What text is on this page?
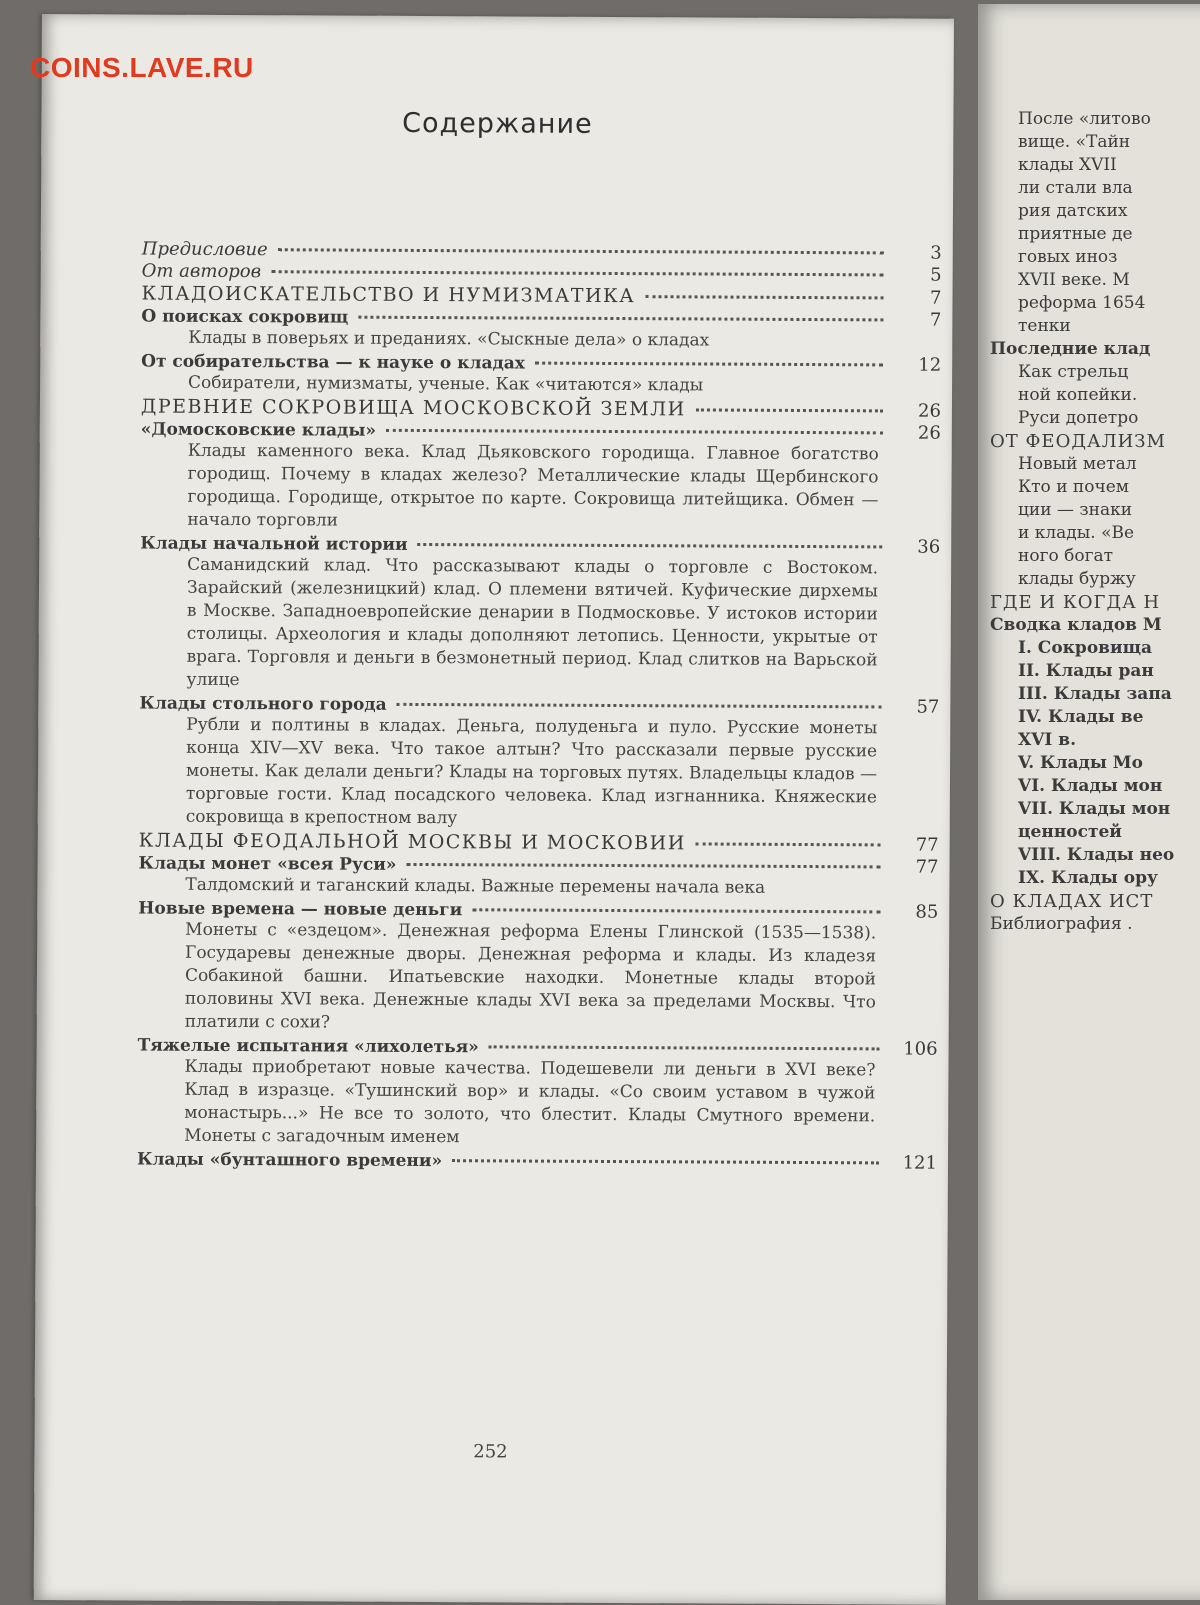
COINS.LAVE.RU
Содержание
Предисловие	3
От авторов	5
КЛАДОИСКАТЕЛЬСТВО И НУМИЗМАТИКА	7
О поисках сокровищ	7
Клады в поверьях и преданиях. «Сыскные дела» о кладах
От собирательства — к науке о кладах	12
Собиратели, нумизматы, ученые. Как «читаются» клады
ДРЕВНИЕ СОКРОВИЩА МОСКОВСКОЙ ЗЕМЛИ	26
«Домосковские клады»	26
Клады каменного века. Клад Дьяковского городища. Главное богатство городищ. Почему в кладах железо? Металлические клады Щербинского городища. Городище, открытое по карте. Сокровища литейщика. Обмен — начало торговли
Клады начальной истории	36
Саманидский клад. Что рассказывают клады о торговле с Востоком. Зарайский (железницкий) клад. О племени вятичей. Куфические дирхемы в Москве. Западноевропейские денарии в Подмосковье. У истоков истории столицы. Археология и клады дополняют летопись. Ценности, укрытые от врага. Торговля и деньги в безмонетный период. Клад слитков на Варьской улице
Клады стольного города	57
Рубли и полтины в кладах. Деньга, полуденьга и пуло. Русские монеты конца XIV—XV века. Что такое алтын? Что рассказали первые русские монеты. Как делали деньги? Клады на торговых путях. Владельцы кладов — торговые гости. Клад посадского человека. Клад изгнанника. Княжеские сокровища в крепостном валу
КЛАДЫ ФЕОДАЛЬНОЙ МОСКВЫ И МОСКОВИИ	77
Клады монет «всея Руси»	77
Талдомский и таганский клады. Важные перемены начала века
Новые времена — новые деньги	85
Монеты с «ездецом». Денежная реформа Елены Глинской (1535—1538). Государевы денежные дворы. Денежная реформа и клады. Из кладезя Собакиной башни. Ипатьевские находки. Монетные клады второй половины XVI века. Денежные клады XVI века за пределами Москвы. Что платили с сохи?
Тяжелые испытания «лихолетья»	106
Клады приобретают новые качества. Подешевели ли деньги в XVI веке? Клад в изразце. «Тушинский вор» и клады. «Со своим уставом в чужой монастырь...» Не все то золото, что блестит. Клады Смутного времени. Монеты с загадочным именем
Клады «бунташного времени»	121
252
После «литово
вище. «Тайн
клады XVII
ли стали вла
рия датских
приятные де
говых иноз
XVII веке. М
реформа 1654
тенки
Последние клад
Как стрельц
ной копейки.
Руси допетро
ОТ ФЕОДАЛИЗМ
Новый метал
Кто и почем
ции — знаки
и клады. «Ве
ного богат
клады буржу
ГДЕ И КОГДА Н
Сводка кладов М
I. Сокровища
II. Клады ран
III. Клады запа
IV. Клады ве
XVI в.
V. Клады Мо
VI. Клады мон
VII. Клады мон
ценностей
VIII. Клады нео
IX. Клады ору
О КЛАДАХ ИСТ
Библиография .
